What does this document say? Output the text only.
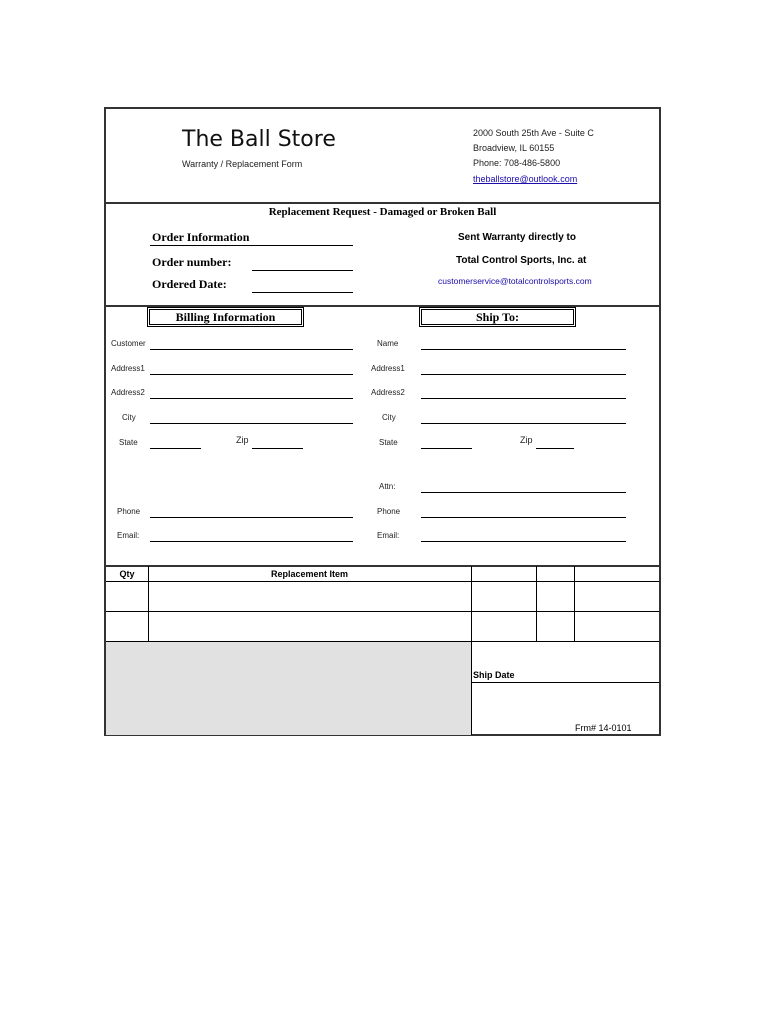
The Ball Store
Warranty / Replacement Form
2000 South 25th Ave - Suite C
Broadview, IL 60155
Phone: 708-486-5800
theballstore@outlook.com
Replacement Request - Damaged or Broken Ball
Order Information
Order number:
Ordered Date:
Sent Warranty directly to
Total Control Sports, Inc. at
customerservice@totalcontrolsports.com
Billing Information	Ship To:
Customer
Address1
Address2
City
State	Zip
Phone
Email:
Name
Address1
Address2
City
State	Zip
Attn:
Phone
Email:
Qty	Replacement Item
Ship Date
Frm# 14-0101
